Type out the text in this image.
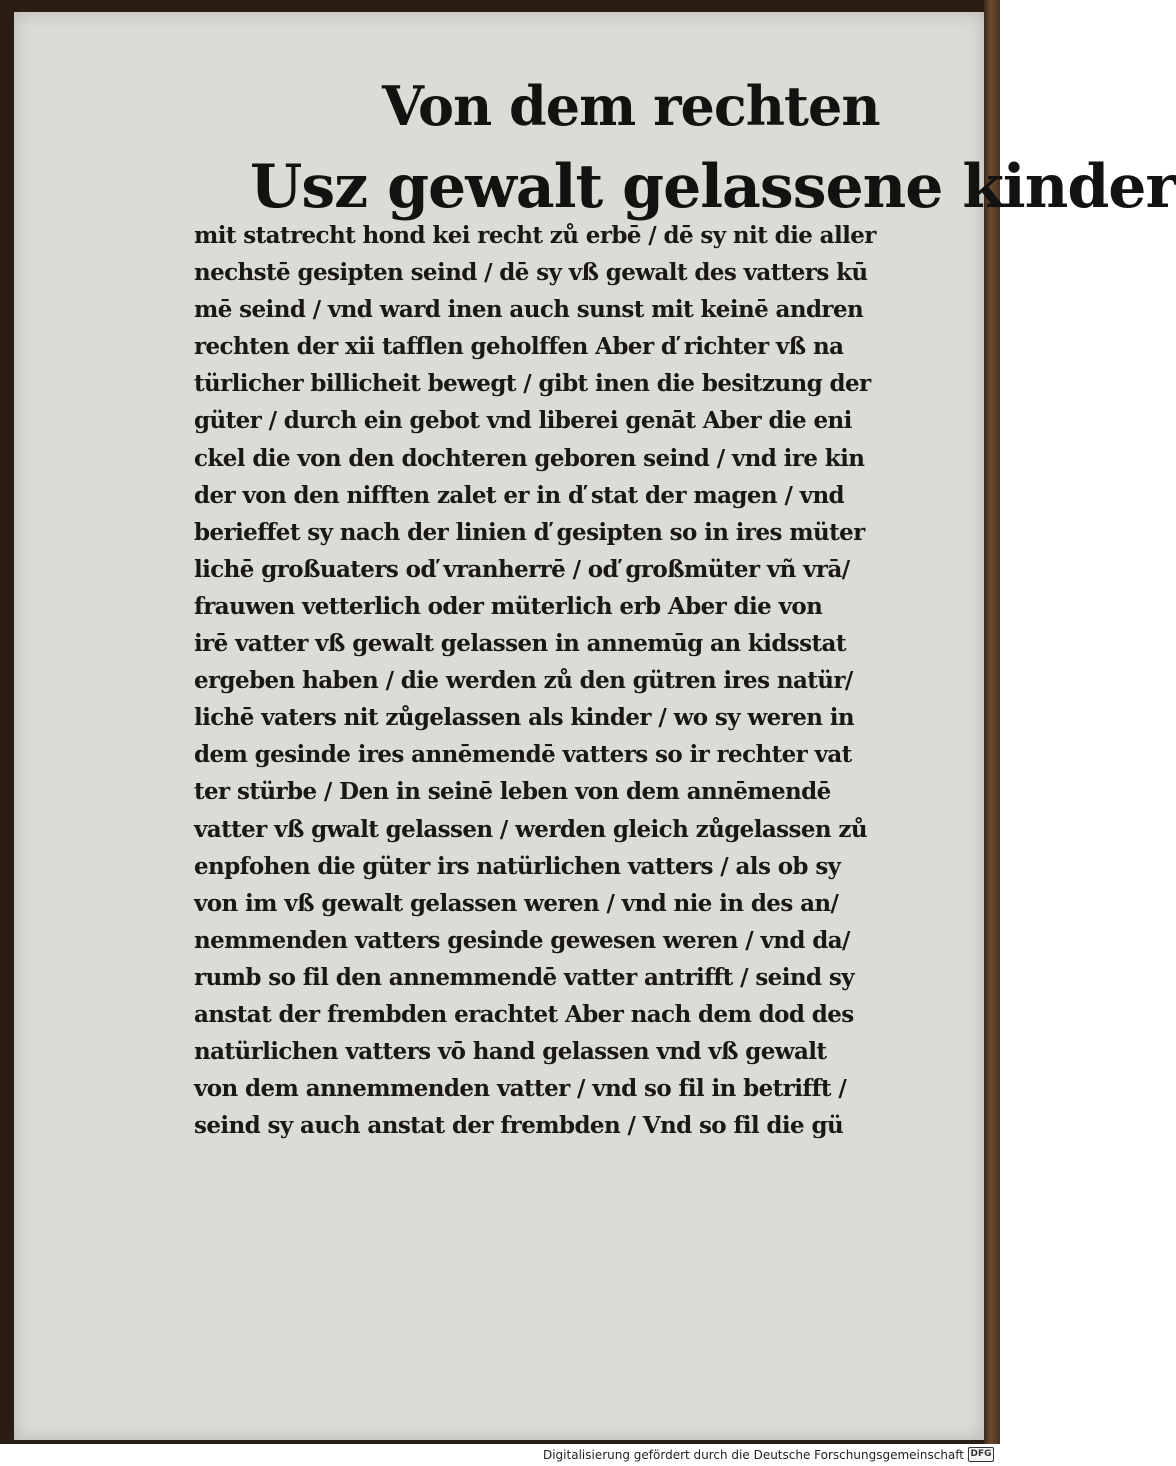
Von dem rechten
Usz gewalt gelassene kinder
mit statrecht hond kei recht zů erbē / dē sy nit die aller
nechstē gesipten seind / dē sy vß gewalt des vatters kū
mē seind / vnd ward inen auch sunst mit keinē andren
rechten der xii tafflen geholffen Aber ď richter vß na
türlicher billicheit bewegt / gibt inen die besitzung der
güter / durch ein gebot vnd liberei genāt Aber die eni
ckel die von den dochteren geboren seind / vnd ire kin
der von den nifften zalet er in ď stat der magen / vnd
berieffet sy nach der linien ď gesipten so in ires müter
lichē großuaters oď vranherrē / oď großmüter vñ vrā/
frauwen vetterlich oder müterlich erb Aber die von
irē vatter vß gewalt gelassen in annemūg an kidsstat
ergeben haben / die werden zů den gütren ires natür/
lichē vaters nit zůgelassen als kinder / wo sy weren in
dem gesinde ires annēmendē vatters so ir rechter vat
ter stürbe / Den in seinē leben von dem annēmendē
vatter vß gwalt gelassen / werden gleich zůgelassen zů
enpfohen die güter irs natürlichen vatters / als ob sy
von im vß gewalt gelassen weren / vnd nie in des an/
nemmenden vatters gesinde gewesen weren / vnd da/
rumb so fil den annemmendē vatter antrifft / seind sy
anstat der frembden erachtet Aber nach dem dod des
natürlichen vatters vō hand gelassen vnd vß gewalt
von dem annemmenden vatter / vnd so fil in betrifft /
seind sy auch anstat der frembden / Vnd so fil die gü
Digitalisierung gefördert durch die Deutsche Forschungsgemeinschaft DFG
